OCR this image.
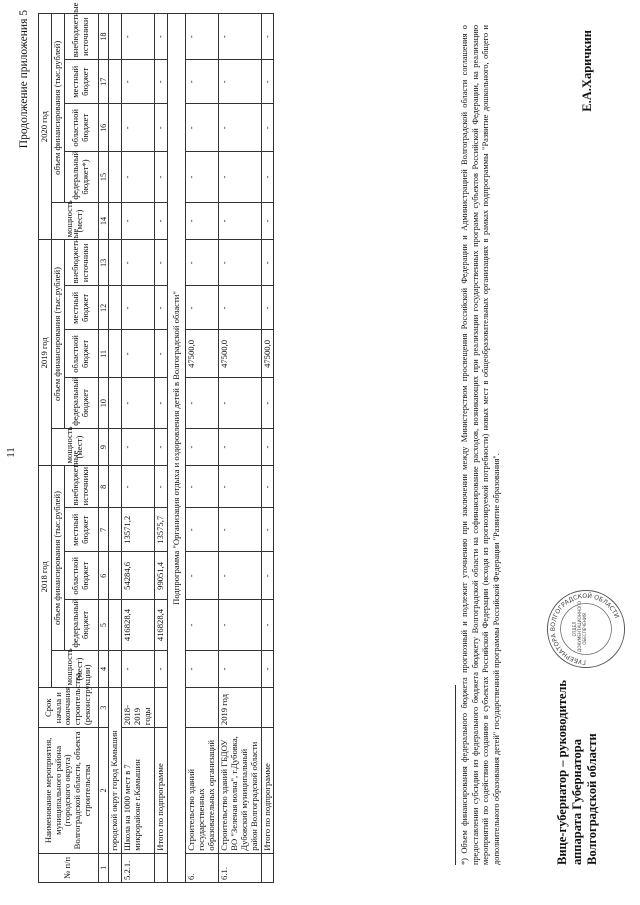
11
Продолжение приложения 5
№ п/п	Наименование мероприятия, муниципального района (городского округа) Волгоградской области, объекта строительства	Срок начала и окончания строительства (реконструкции)	2018 год					2019 год					2020 год				
			мощность (мест)	объем финансирования (тыс.рублей)				мощность (мест)	объем финансирования (тыс.рублей)				мощность (мест)	объем финансирования (тыс.рублей)			
				федеральный бюджет	областной бюджет	местный бюджет	внебюджетные источники		федеральный бюджет	областной бюджет	местный бюджет	внебюджетные источники		федеральный бюджет*)	областной бюджет	местный бюджет	внебюджетные источники

1	2	3	4	5	6	7	8	9	10	11	12	13	14	15	16	17	18
	городской округ город Камышин																
5.2.1.	Школа на 1000 мест в 7 микрорайоне г.Камышин	2018-2019 годы	-	416828,4	54284,6	13571,2	-	-	-	-	-	-	-	-	-	-	-
	Итого по подпрограмме		-	416828,4	99051,4	13575,7	-	-	-	-	-	-	-	-	-	-	-
Подпрограмма "Организация отдыха и оздоровления детей в Волгоградской области"																	
6.	Строительство зданий государственных образовательных организаций		-	-	-	-	-	-	-	47500,0	-	-	-	-	-	-	-
6.1.	Строительство зданий ГБДОУ ВО "Зеленая волна", г.Дубовка, Дубовский муниципальный район Волгоградской области	2019 год	-	-	-	-	-	-	-	47500,0	-	-	-	-	-	-	-
	Итого по подпрограмме		-	-	-	-	-	-	-	47500,0	-	-	-	-	-	-	-	*) Объем финансирования федерального бюджета прогнозный и подлежит уточнению при заключении между Министерством просвещения Российской Федерации и Администрацией Волгоградской области соглашения о предоставлении субсидии из федерального бюджета бюджету Волгоградской области на софинансирование расходов, возникающих при реализации государственных программ субъектов Российской Федерации, на реализацию мероприятий по содействию созданию в субъектах Российской Федерации (исходя из прогнозируемой потребности) новых мест в общеобразовательных организациях в рамках подпрограммы "Развитие дошкольного, общего и дополнительного образования детей" государственной программы Российской Федерации "Развитие образования".	ГУБЕРНАТОРА ВОЛГОГРАДСКОЙ ОБЛАСТИ
ОТДЕЛ ДОКУМЕНТАЦИОННОГО ОБЕСПЕЧЕНИЯ
Вице-губернатор – руководитель аппарата Губернатора Волгоградской области
Е.А.Харичкин
